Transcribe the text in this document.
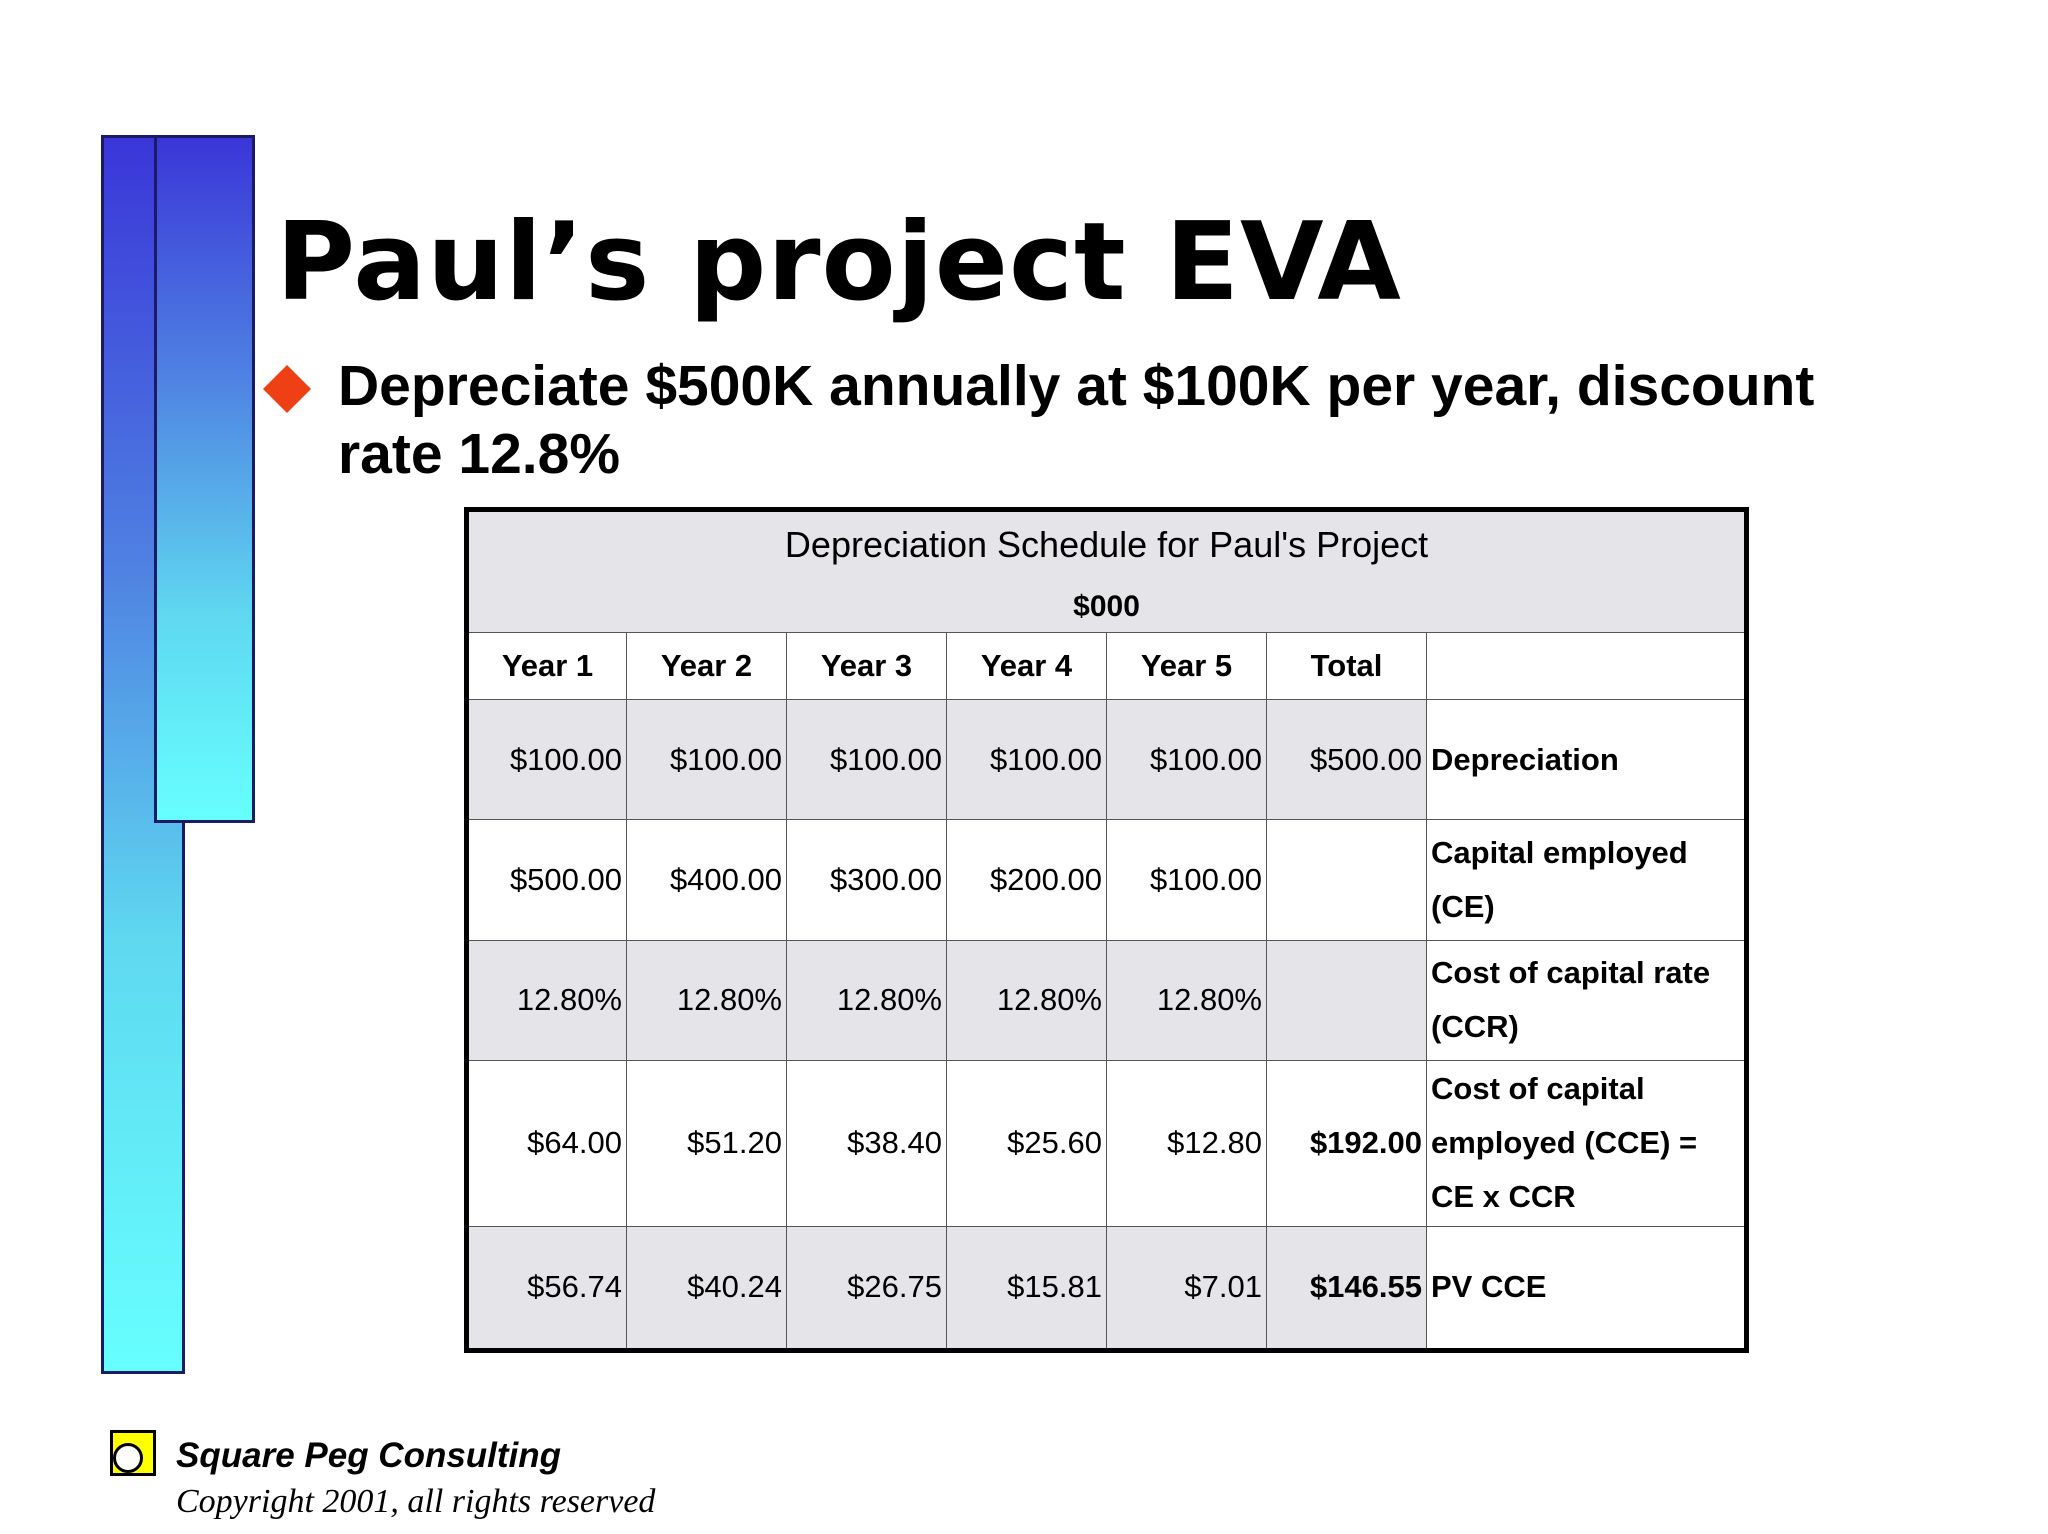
Paul’s project EVA
Depreciate $500K annually at $100K per year, discount rate 12.8%
Depreciation Schedule for Paul's Project
$000						

Year 1	Year 2	Year 3	Year 4	Year 5	Total	
$100.00	$100.00	$100.00	$100.00	$100.00	$500.00	Depreciation
$500.00	$400.00	$300.00	$200.00	$100.00		Capital employed (CE)
12.80%	12.80%	12.80%	12.80%	12.80%		Cost of capital rate (CCR)
$64.00	$51.20	$38.40	$25.60	$12.80	$192.00	Cost of capital employed (CCE) = CE x CCR
$56.74	$40.24	$26.75	$15.81	$7.01	$146.55	PV CCE
Square Peg Consulting
Copyright 2001, all rights reserved
